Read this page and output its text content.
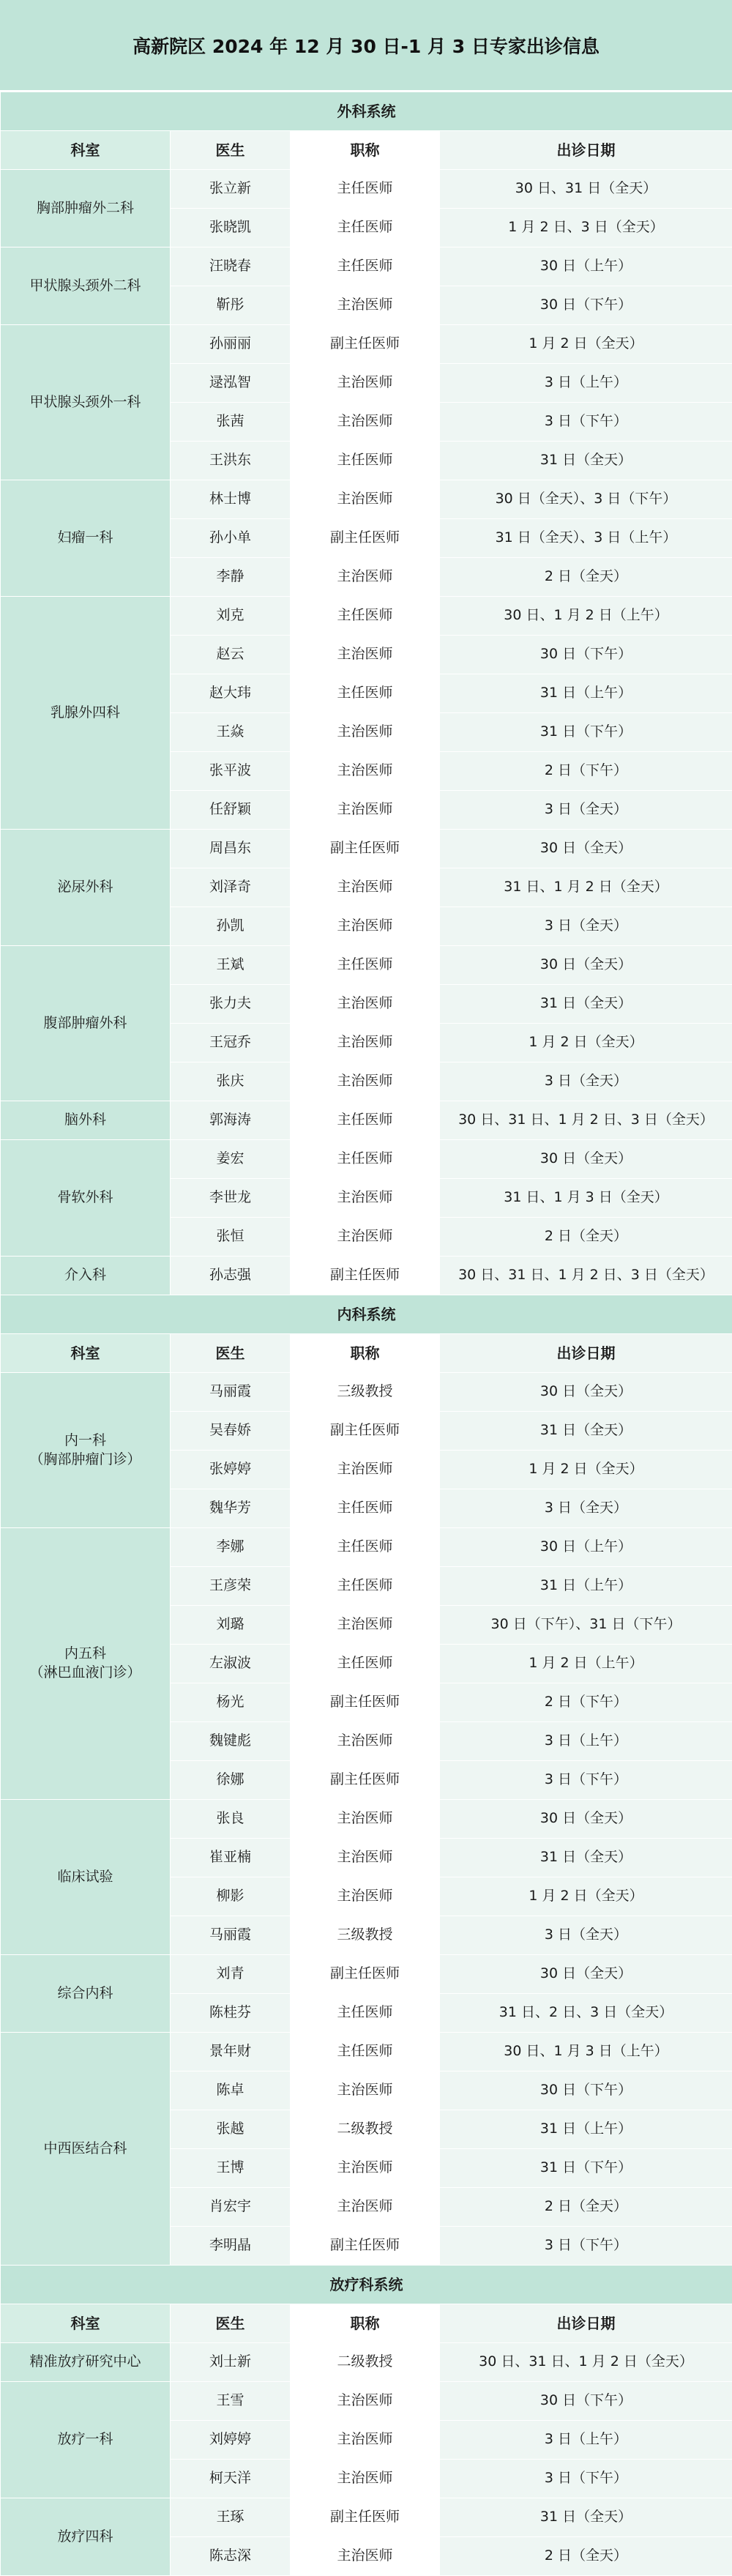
高新院区 2024 年 12 月 30 日-1 月 3 日专家出诊信息
外科系统			
科室	医生	职称	出诊日期

胸部肿瘤外二科	张立新	主任医师	30 日、31 日（全天）
	张晓凯	主任医师	1 月 2 日、3 日（全天）

甲状腺头颈外二科	汪晓春	主任医师	30 日（上午）
	靳彤	主治医师	30 日（下午）

甲状腺头颈外一科	孙丽丽	副主任医师	1 月 2 日（全天）
	逯泓智	主治医师	3 日（上午）
	张茜	主治医师	3 日（下午）
	王洪东	主任医师	31 日（全天）

妇瘤一科	林士博	主治医师	30 日（全天）、3 日（下午）
	孙小单	副主任医师	31 日（全天）、3 日（上午）
	李静	主治医师	2 日（全天）

乳腺外四科	刘克	主任医师	30 日、1 月 2 日（上午）
	赵云	主治医师	30 日（下午）
	赵大玮	主任医师	31 日（上午）
	王焱	主治医师	31 日（下午）
	张平波	主治医师	2 日（下午）
	任舒颖	主治医师	3 日（全天）

泌尿外科	周昌东	副主任医师	30 日（全天）
	刘泽奇	主治医师	31 日、1 月 2 日（全天）
	孙凯	主治医师	3 日（全天）

腹部肿瘤外科	王斌	主任医师	30 日（全天）
	张力夫	主治医师	31 日（全天）
	王冠乔	主治医师	1 月 2 日（全天）
	张庆	主治医师	3 日（全天）

脑外科	郭海涛	主任医师	30 日、31 日、1 月 2 日、3 日（全天）

骨软外科	姜宏	主任医师	30 日（全天）
	李世龙	主治医师	31 日、1 月 3 日（全天）
	张恒	主治医师	2 日（全天）

介入科	孙志强	副主任医师	30 日、31 日、1 月 2 日、3 日（全天）
内科系统			
科室	医生	职称	出诊日期

内一科
（胸部肿瘤门诊）	马丽霞	三级教授	30 日（全天）
	吴春娇	副主任医师	31 日（全天）
	张婷婷	主治医师	1 月 2 日（全天）
	魏华芳	主任医师	3 日（全天）

内五科
（淋巴血液门诊）	李娜	主任医师	30 日（上午）
	王彦荣	主任医师	31 日（上午）
	刘璐	主治医师	30 日（下午）、31 日（下午）
	左淑波	主任医师	1 月 2 日（上午）
	杨光	副主任医师	2 日（下午）
	魏键彪	主治医师	3 日（上午）
	徐娜	副主任医师	3 日（下午）

临床试验	张良	主治医师	30 日（全天）
	崔亚楠	主治医师	31 日（全天）
	柳影	主治医师	1 月 2 日（全天）
	马丽霞	三级教授	3 日（全天）

综合内科	刘青	副主任医师	30 日（全天）
	陈桂芬	主任医师	31 日、2 日、3 日（全天）

中西医结合科	景年财	主任医师	30 日、1 月 3 日（上午）
	陈卓	主治医师	30 日（下午）
	张越	二级教授	31 日（上午）
	王博	主治医师	31 日（下午）
	肖宏宇	主治医师	2 日（全天）
	李明晶	副主任医师	3 日（下午）
放疗科系统			
科室	医生	职称	出诊日期

精准放疗研究中心	刘士新	二级教授	30 日、31 日、1 月 2 日（全天）

放疗一科	王雪	主治医师	30 日（下午）
	刘婷婷	主治医师	3 日（上午）
	柯天洋	主治医师	3 日（下午）

放疗四科	王琢	副主任医师	31 日（全天）
	陈志深	主治医师	2 日（全天）
